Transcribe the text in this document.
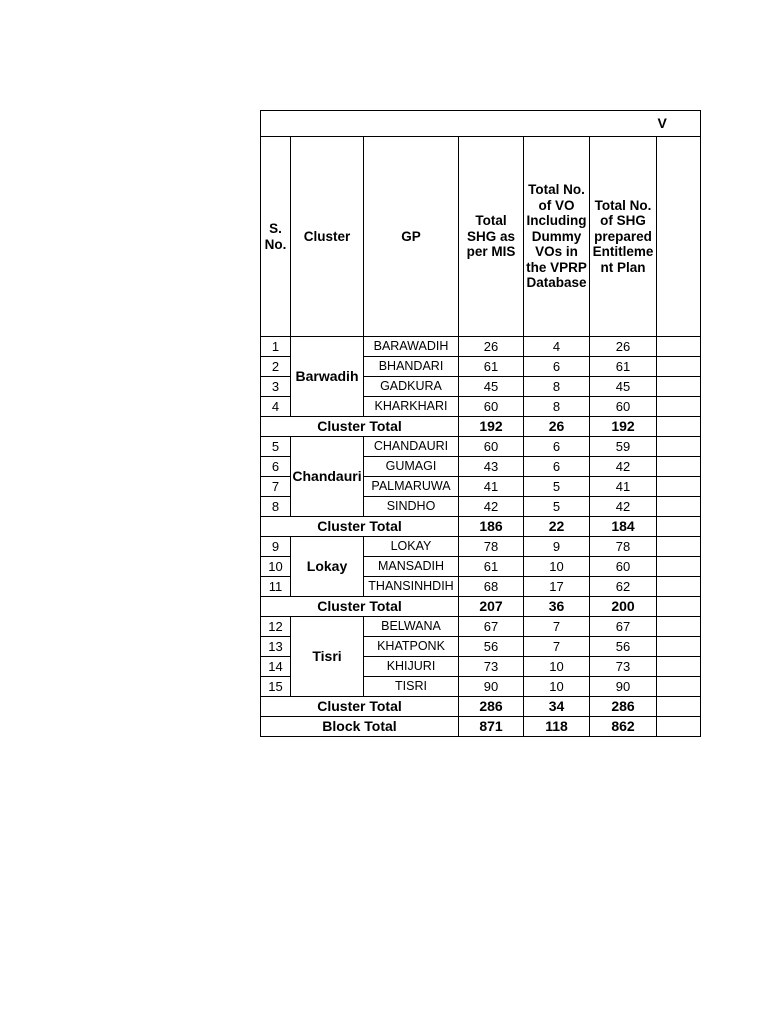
						V
S. No.	Cluster	GP	Total SHG as per MIS	Total No. of VO Including Dummy VOs in the VPRP Database	Total No. of SHG prepared Entitleme nt Plan	
1	Barwadih	BARAWADIH	26	4	26	
2		BHANDARI	61	6	61	
3		GADKURA	45	8	45	
4		KHARKHARI	60	8	60	
Cluster Total			192	26	192	
5	Chandauri	CHANDAURI	60	6	59	
6		GUMAGI	43	6	42	
7		PALMARUWA	41	5	41	
8		SINDHO	42	5	42	
Cluster Total			186	22	184	
9	Lokay	LOKAY	78	9	78	
10		MANSADIH	61	10	60	
11		THANSINHDIH	68	17	62	
Cluster Total			207	36	200	
12	Tisri	BELWANA	67	7	67	
13		KHATPONK	56	7	56	
14		KHIJURI	73	10	73	
15		TISRI	90	10	90	
Cluster Total			286	34	286	
Block Total			871	118	862	
